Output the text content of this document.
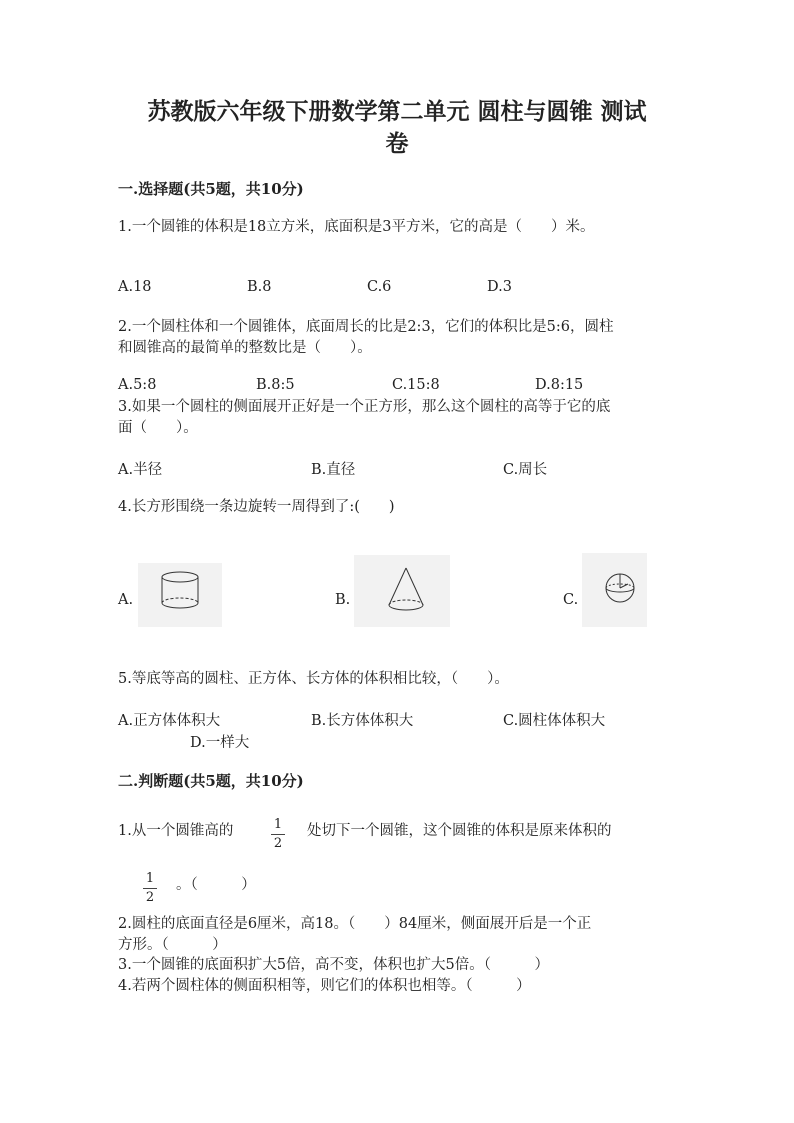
苏教版六年级下册数学第二单元 圆柱与圆锥 测试
卷
一.选择题(共5题，共10分)
1.一个圆锥的体积是18立方米，底面积是3平方米，它的高是（　　）米。
A.18	B.8	C.6	D.3
2.一个圆柱体和一个圆锥体，底面周长的比是2:3，它们的体积比是5:6，圆柱
和圆锥高的最简单的整数比是（　　）。
A.5:8	B.8:5	C.15:8	D.8:15
3.如果一个圆柱的侧面展开正好是一个正方形，那么这个圆柱的高等于它的底
面（　　）。
A.半径	B.直径	C.周长
4.长方形围绕一条边旋转一周得到了:(　　)
A.	B.	C.
5.等底等高的圆柱、正方体、长方体的体积相比较，（　　）。
A.正方体体积大	B.长方体体积大	C.圆柱体体积大
D.一样大
二.判断题(共5题，共10分)
1.从一个圆锥高的	1
2
处切下一个圆锥，这个圆锥的体积是原来体积的
1
2
。（　　　）
2.圆柱的底面直径是6厘米，高18。（　　）84厘米，侧面展开后是一个正
方形。（　　　）
3.一个圆锥的底面积扩大5倍，高不变，体积也扩大5倍。（　　　）
4.若两个圆柱体的侧面积相等，则它们的体积也相等。（　　　）
